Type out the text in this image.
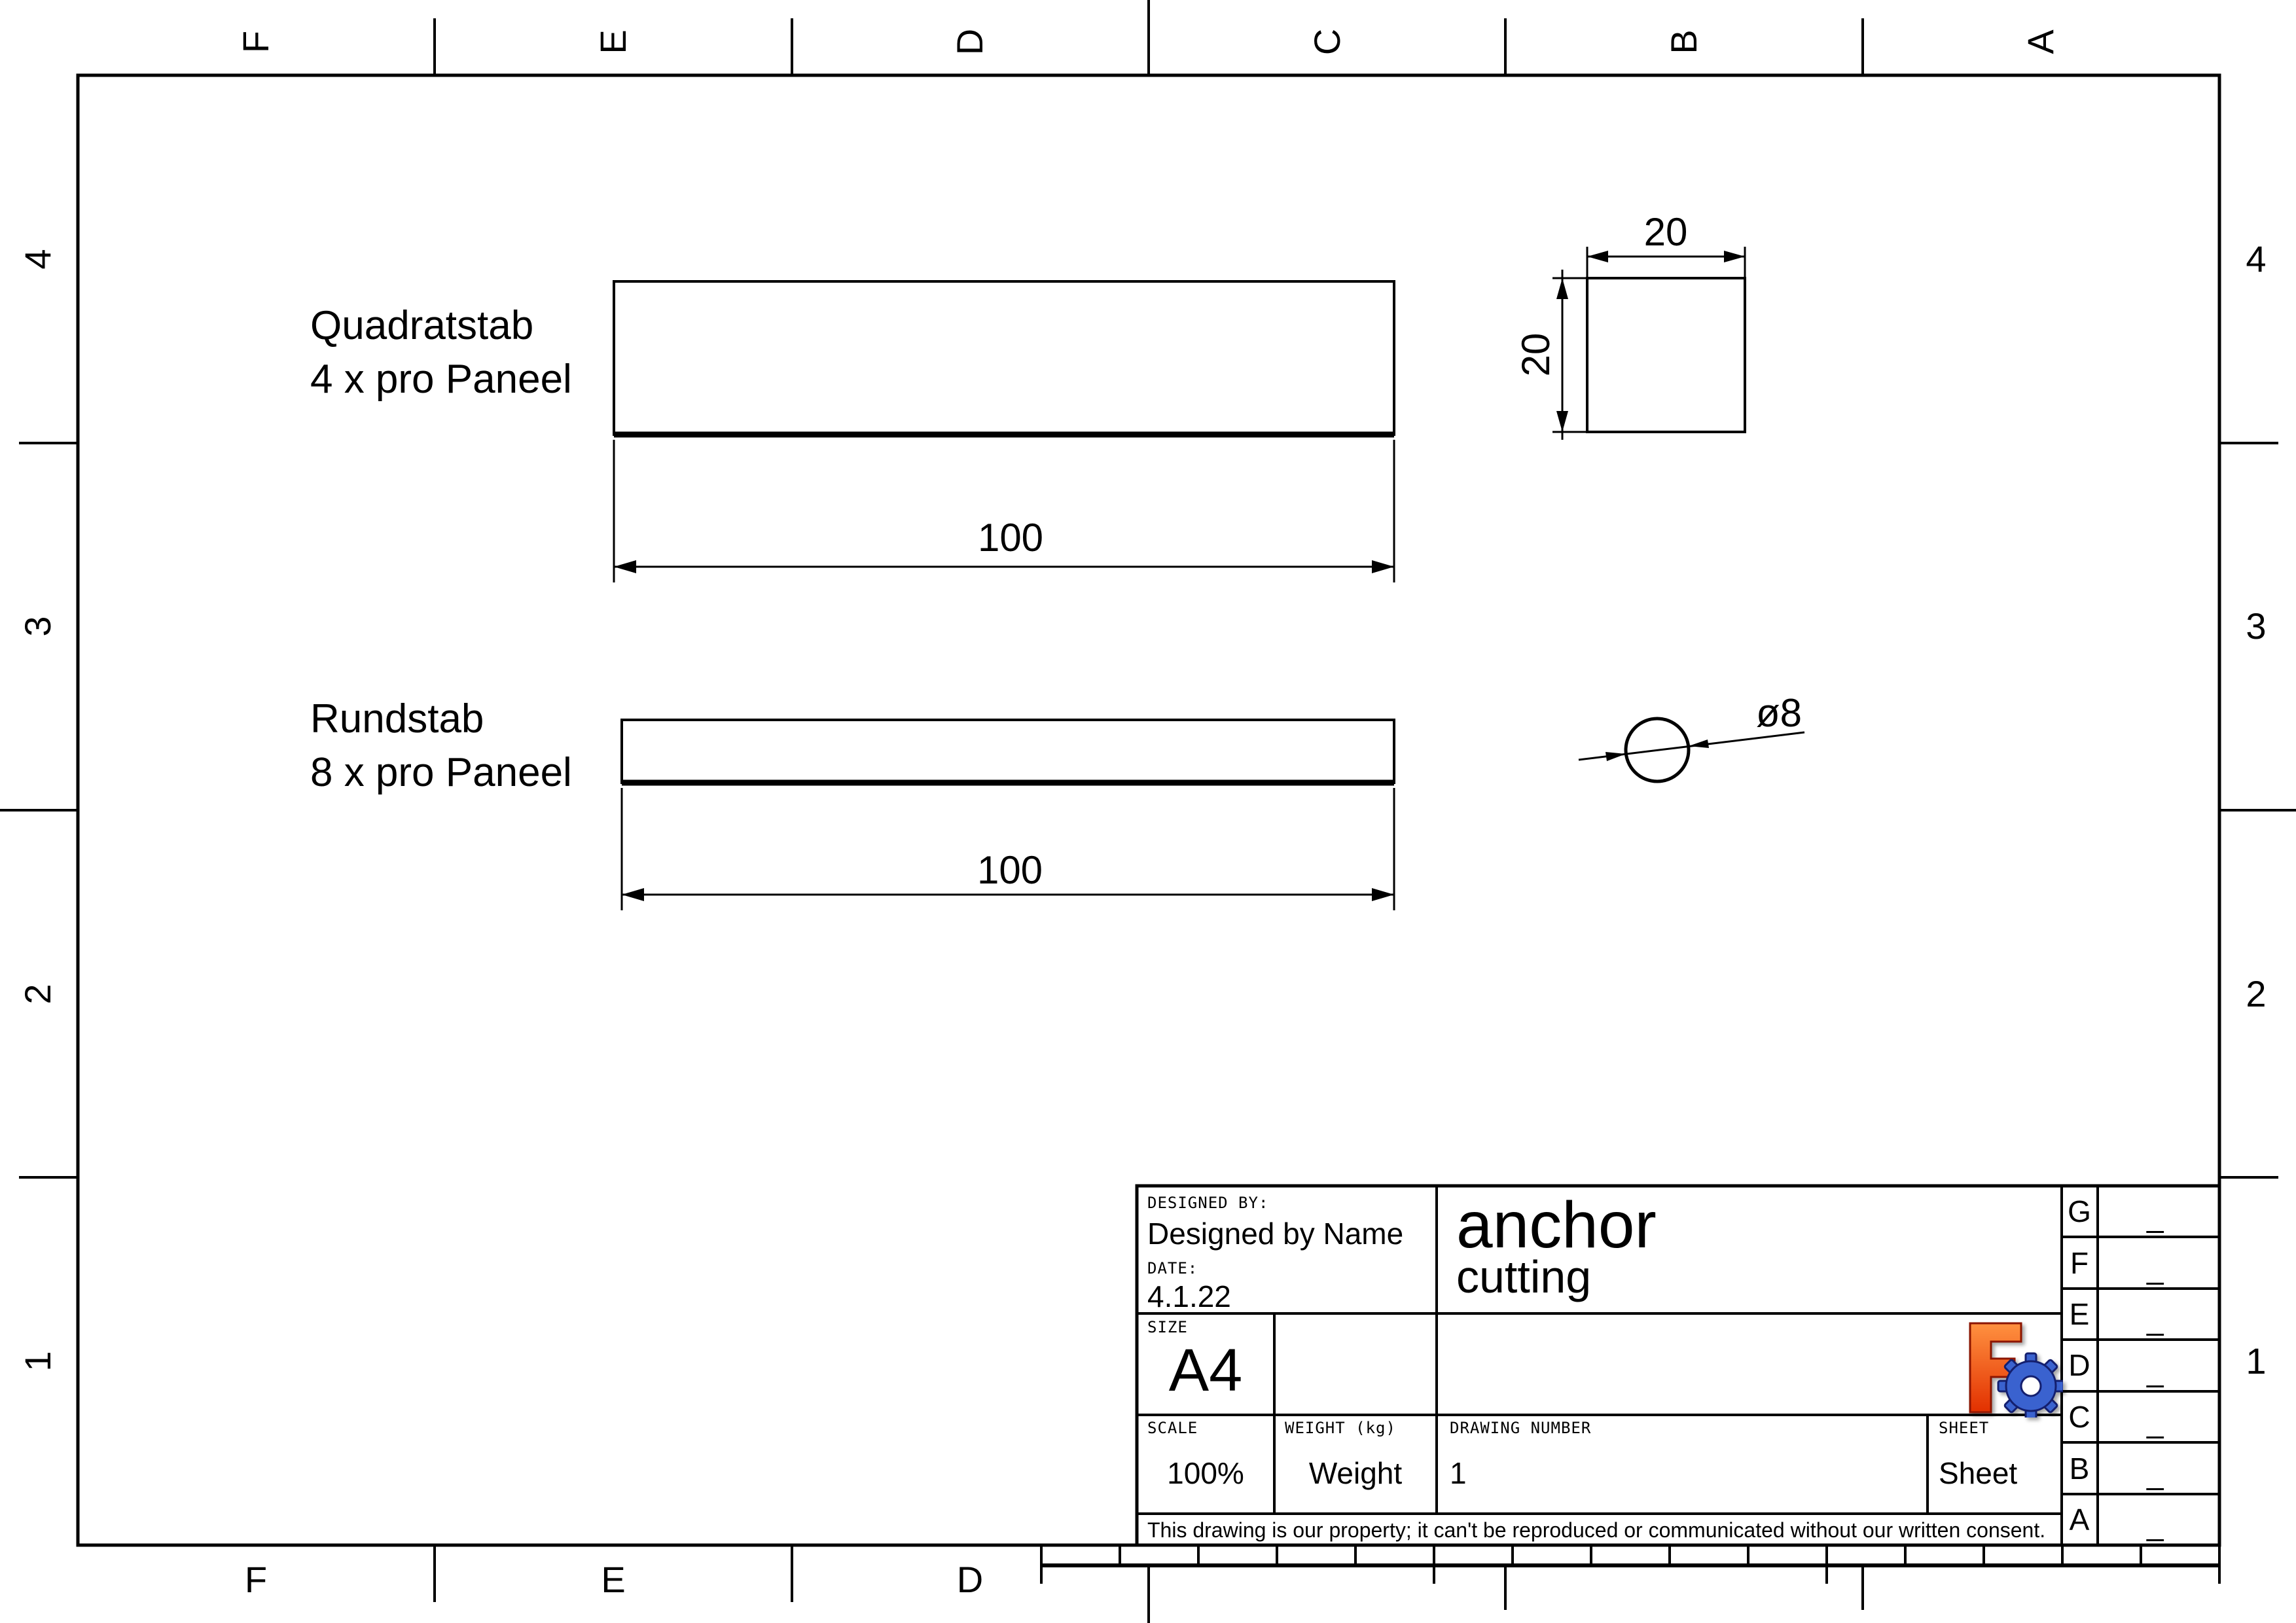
F	E	D	C	B	A
F	E	D
4
3
2
1
4
3
2
1
Quadratstab
4 x pro Paneel
100
20
20
Rundstab
8 x pro Paneel
100
ø8
DESIGNED BY:
Designed by Name
DATE:
4.1.22
anchor
cutting
SIZE
A4
SCALE
100%
WEIGHT (kg)
Weight
DRAWING NUMBER
1
SHEET
Sheet
This drawing is our property; it can't be reproduced or communicated without our written consent.
G
F
E
D
C
B
A
_
_
_
_
_
_
_
